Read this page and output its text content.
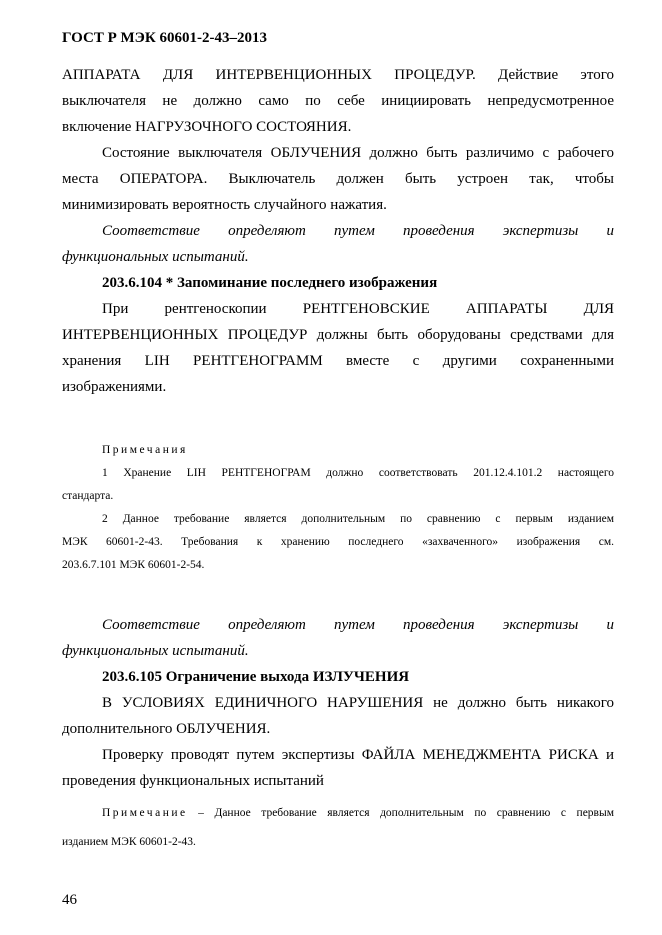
ГОСТ Р МЭК 60601-2-43–2013

АППАРАТА ДЛЯ ИНТЕРВЕНЦИОННЫХ ПРОЦЕДУР. Действие этого

выключателя не должно само по себе инициировать непредусмотренное

включение НАГРУЗОЧНОГО СОСТОЯНИЯ.

Состояние выключателя ОБЛУЧЕНИЯ должно быть различимо с рабочего

места ОПЕРАТОРА. Выключатель должен быть устроен так, чтобы

минимизировать вероятность случайного нажатия.

Соответствие определяют путем проведения экспертизы и

функциональных испытаний.

203.6.104 * Запоминание последнего изображения

При рентгеноскопии РЕНТГЕНОВСКИЕ АППАРАТЫ ДЛЯ

ИНТЕРВЕНЦИОННЫХ ПРОЦЕДУР должны быть оборудованы средствами для

хранения LIH РЕНТГЕНОГРАММ вместе с другими сохраненными

изображениями.

Примечания

1 Хранение LIH РЕНТГЕНОГРАМ должно соответствовать 201.12.4.101.2 настоящего

стандарта.

2 Данное требование является дополнительным по сравнению с первым изданием

МЭК 60601-2-43. Требования к хранению последнего «захваченного» изображения см.

203.6.7.101 МЭК 60601-2-54.

Соответствие определяют путем проведения экспертизы и

функциональных испытаний.

203.6.105 Ограничение выхода ИЗЛУЧЕНИЯ

В УСЛОВИЯХ ЕДИНИЧНОГО НАРУШЕНИЯ не должно быть никакого

дополнительного ОБЛУЧЕНИЯ.

Проверку проводят путем экспертизы ФАЙЛА МЕНЕДЖМЕНТА РИСКА и

проведения функциональных испытаний

Примечание – Данное требование является дополнительным по сравнению с первым

изданием МЭК 60601-2-43.

46
